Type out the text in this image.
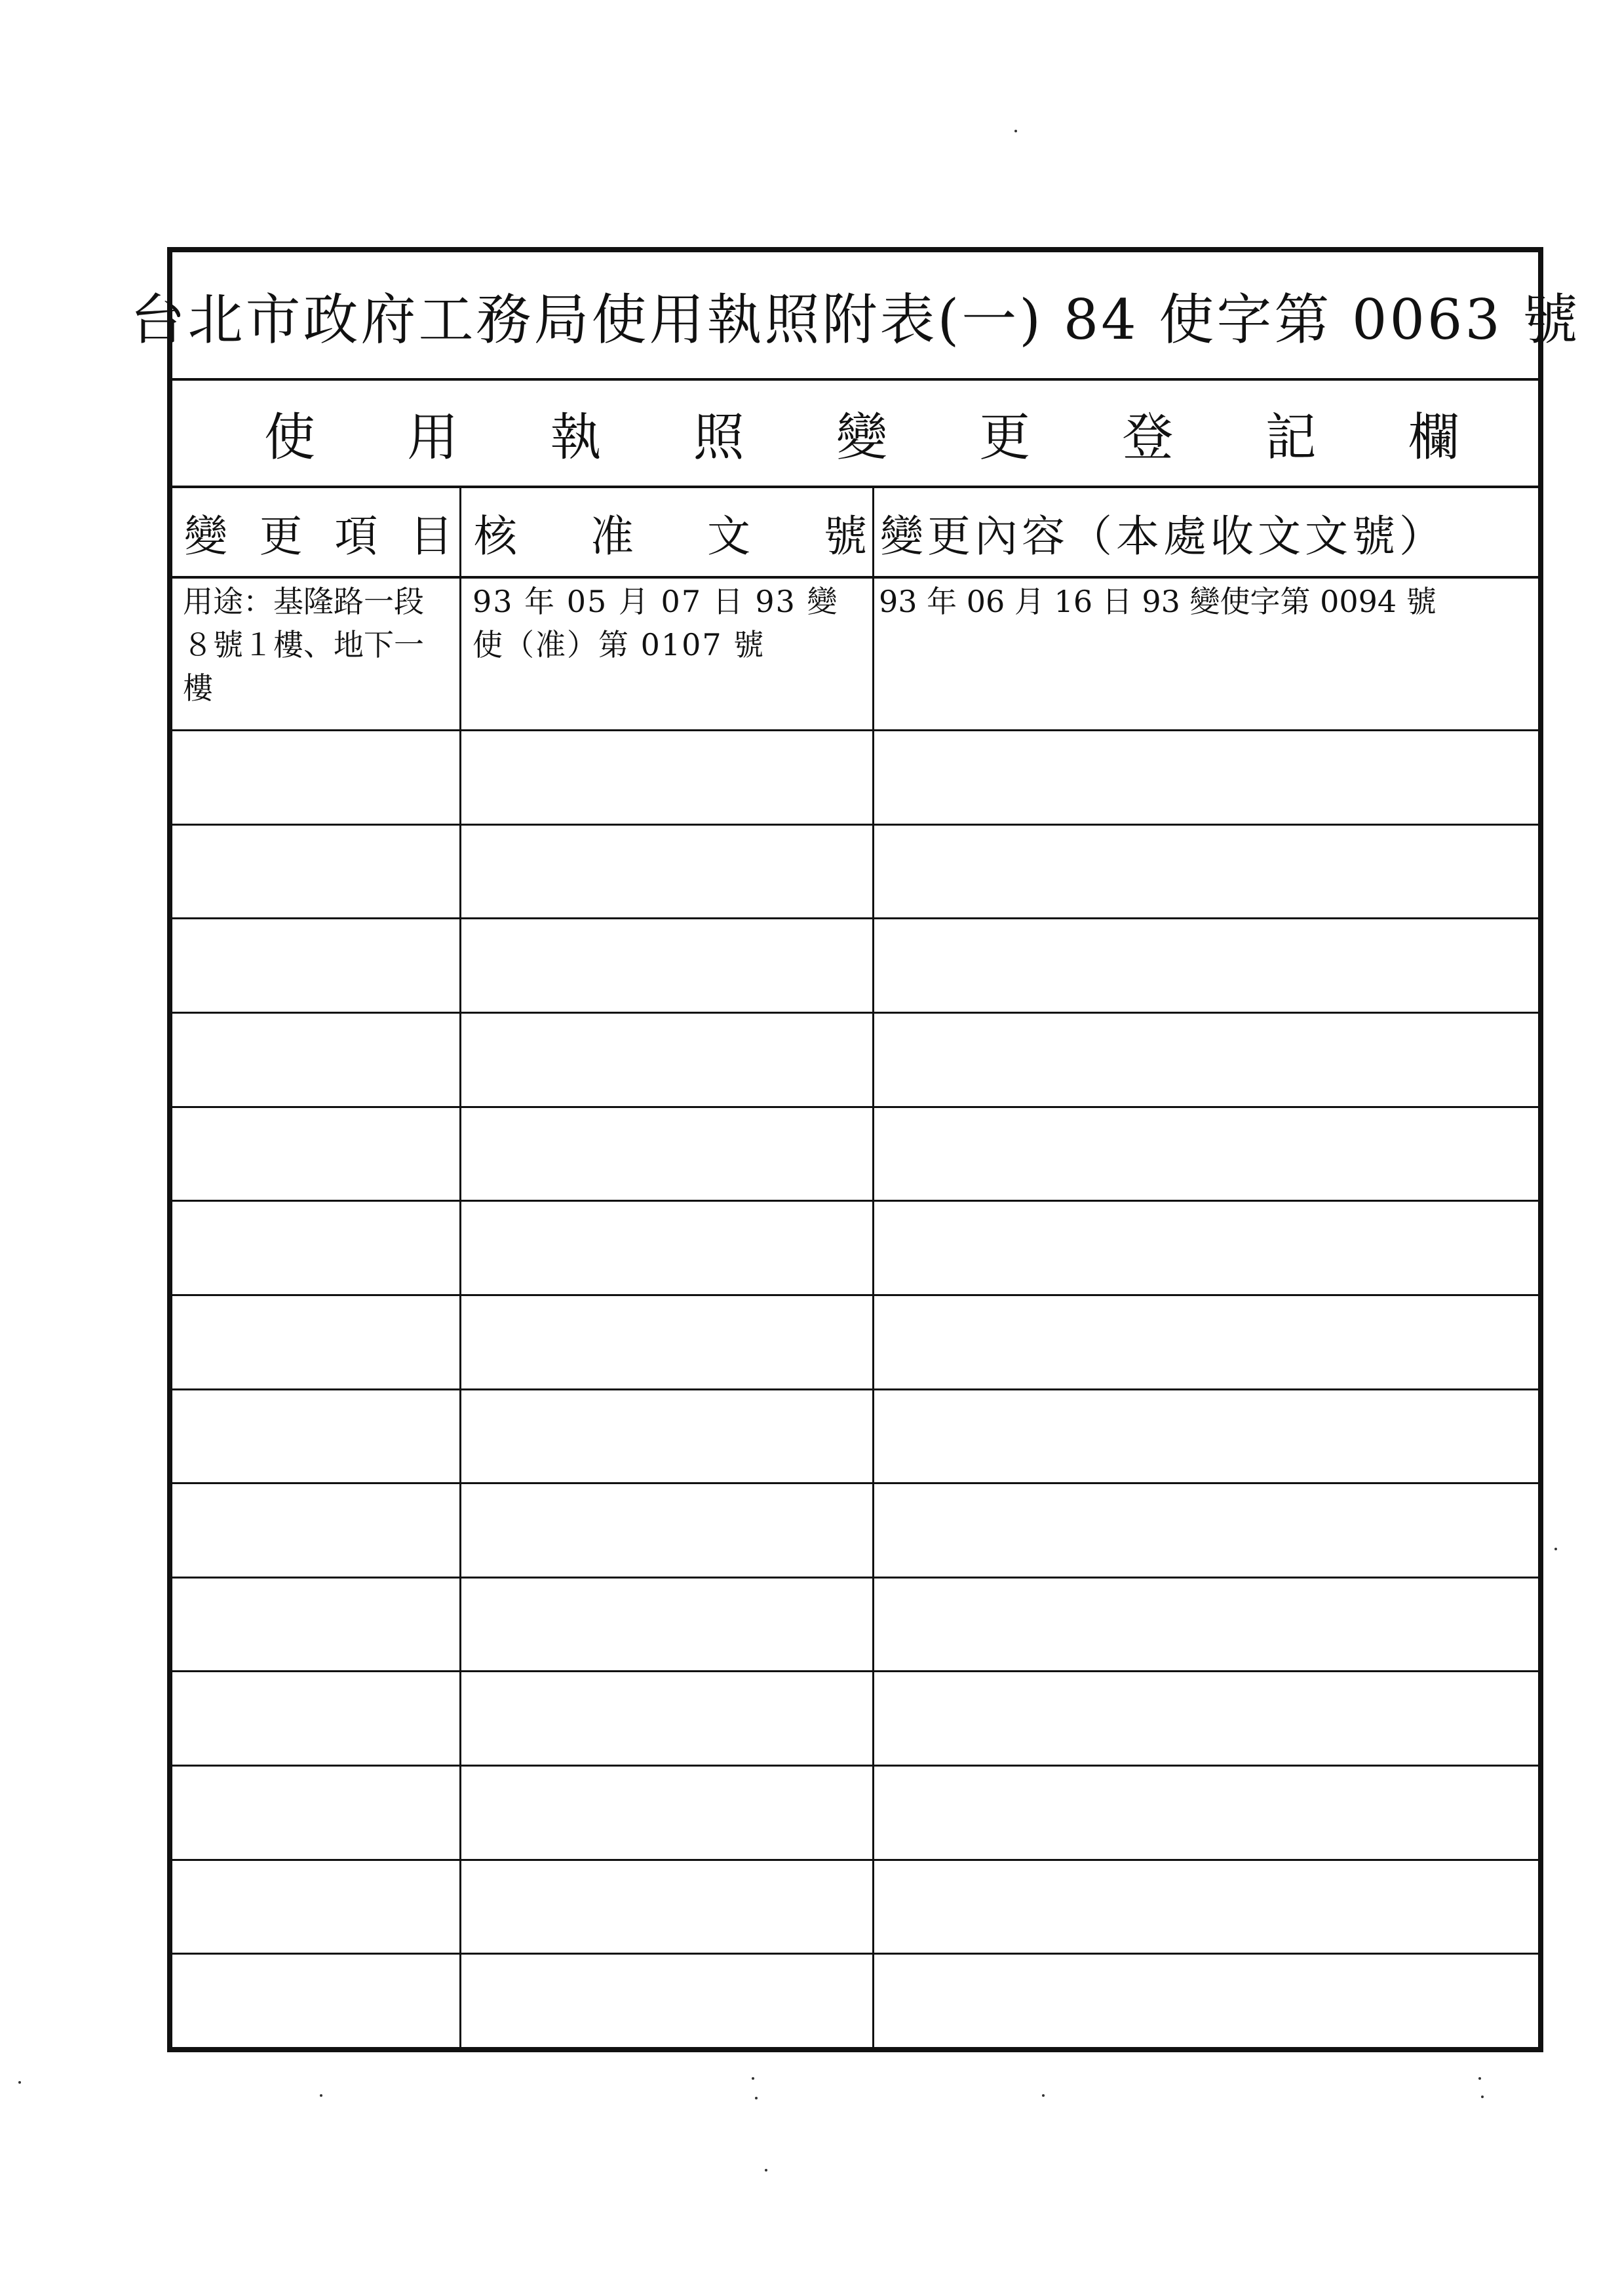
台北市政府工務局使用執照附表(一) 84 使字第 0063 號
使 用 執 照 變 更 登 記 欄
變 更 項 目 核 准 文 號 變更內容（本處收文文號）
用途：基隆路一段８號１樓、地下一樓
93 年 05 月 07 日 93 變使（准）第 0107 號
93 年 06 月 16 日 93 變使字第 0094 號
